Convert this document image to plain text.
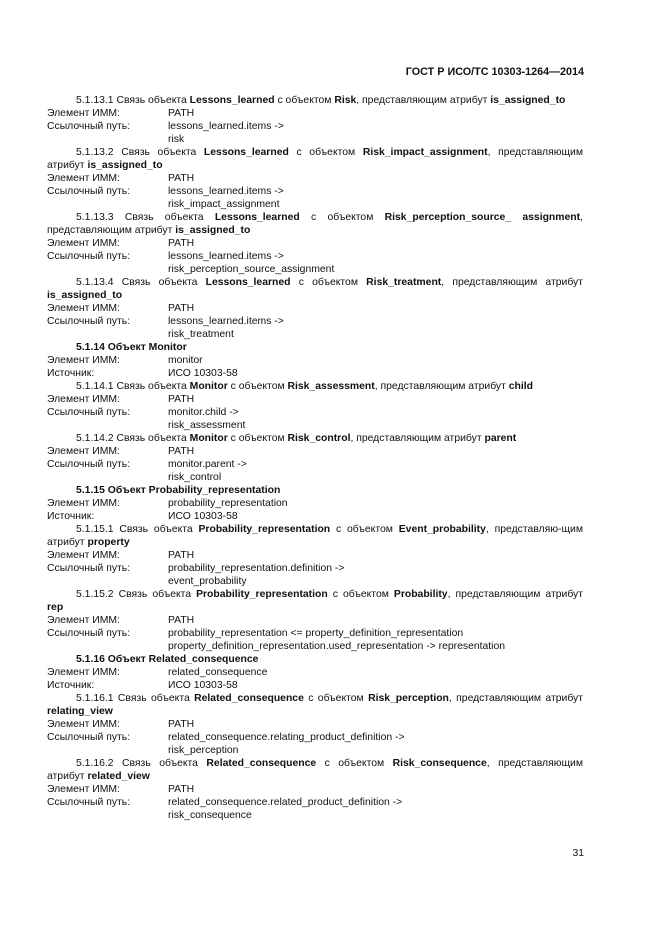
ГОСТ Р ИСО/ТС 10303-1264—2014
5.1.13.1 Связь объекта Lessons_learned с объектом Risk, представляющим атрибут is_assigned_to
Элемент ИММ:	PATH
Ссылочный путь:	lessons_learned.items ->
risk
5.1.13.2 Связь объекта Lessons_learned с объектом Risk_impact_assignment, представляющим атрибут is_assigned_to
Элемент ИММ:	PATH
Ссылочный путь:	lessons_learned.items ->
risk_impact_assignment
5.1.13.3 Связь объекта Lessons_learned с объектом Risk_perception_source_ assignment, представляющим атрибут is_assigned_to
Элемент ИММ:	PATH
Ссылочный путь:	lessons_learned.items ->
risk_perception_source_assignment
5.1.13.4 Связь объекта Lessons_learned с объектом Risk_treatment, представляющим атрибут is_assigned_to
Элемент ИММ:	PATH
Ссылочный путь:	lessons_learned.items ->
risk_treatment
5.1.14 Объект Monitor
Элемент ИММ:	monitor
Источник:	ИСО 10303-58
5.1.14.1 Связь объекта Monitor с объектом Risk_assessment, представляющим атрибут child
Элемент ИММ:	PATH
Ссылочный путь:	monitor.child ->
risk_assessment
5.1.14.2 Связь объекта Monitor с объектом Risk_control, представляющим атрибут parent
Элемент ИММ:	PATH
Ссылочный путь:	monitor.parent ->
risk_control
5.1.15 Объект Probability_representation
Элемент ИММ:	probability_representation
Источник:	ИСО 10303-58
5.1.15.1 Связь объекта Probability_representation с объектом Event_probability, представляю-щим атрибут property
Элемент ИММ:	PATH
Ссылочный путь:	probability_representation.definition ->
event_probability
5.1.15.2 Связь объекта Probability_representation с объектом Probability, представляющим атрибут rep
Элемент ИММ:	PATH
Ссылочный путь:	probability_representation <= property_definition_representation
property_definition_representation.used_representation -> representation
5.1.16 Объект Related_consequence
Элемент ИММ:	related_consequence
Источник:	ИСО 10303-58
5.1.16.1 Связь объекта Related_consequence с объектом Risk_perception, представляющим атрибут relating_view
Элемент ИММ:	PATH
Ссылочный путь:	related_consequence.relating_product_definition ->
risk_perception
5.1.16.2 Связь объекта Related_consequence с объектом Risk_consequence, представляющим атрибут related_view
Элемент ИММ:	PATH
Ссылочный путь:	related_consequence.related_product_definition ->
risk_consequence
31
